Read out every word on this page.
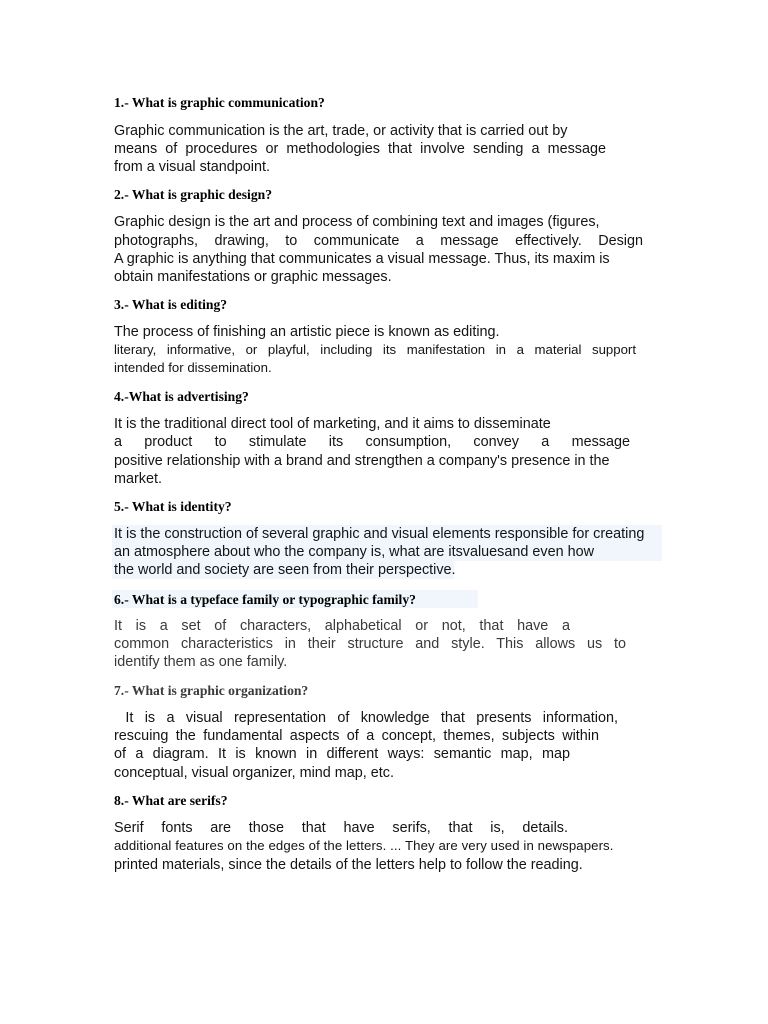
1.- What is graphic communication?
Graphic communication is the art, trade, or activity that is carried out by
means of procedures or methodologies that involve sending a message
from a visual standpoint.
2.- What is graphic design?
Graphic design is the art and process of combining text and images (figures,
photographs, drawing, to communicate a message effectively. Design
A graphic is anything that communicates a visual message. Thus, its maxim is
obtain manifestations or graphic messages.
3.- What is editing?
The process of finishing an artistic piece is known as editing.
literary, informative, or playful, including its manifestation in a material support
intended for dissemination.
4.-What is advertising?
It is the traditional direct tool of marketing, and it aims to disseminate
a product to stimulate its consumption, convey a message
positive relationship with a brand and strengthen a company's presence in the
market.
5.- What is identity?
It is the construction of several graphic and visual elements responsible for creating
an atmosphere about who the company is, what are itsvaluesand even how
the world and society are seen from their perspective.
6.- What is a typeface family or typographic family?
It is a set of characters, alphabetical or not, that have a
common characteristics in their structure and style. This allows us to
identify them as one family.
7.- What is graphic organization?
It is a visual representation of knowledge that presents information,
rescuing the fundamental aspects of a concept, themes, subjects within
of a diagram. It is known in different ways: semantic map, map
conceptual, visual organizer, mind map, etc.
8.- What are serifs?
Serif fonts are those that have serifs, that is, details.
additional features on the edges of the letters. ... They are very used in newspapers.
printed materials, since the details of the letters help to follow the reading.
